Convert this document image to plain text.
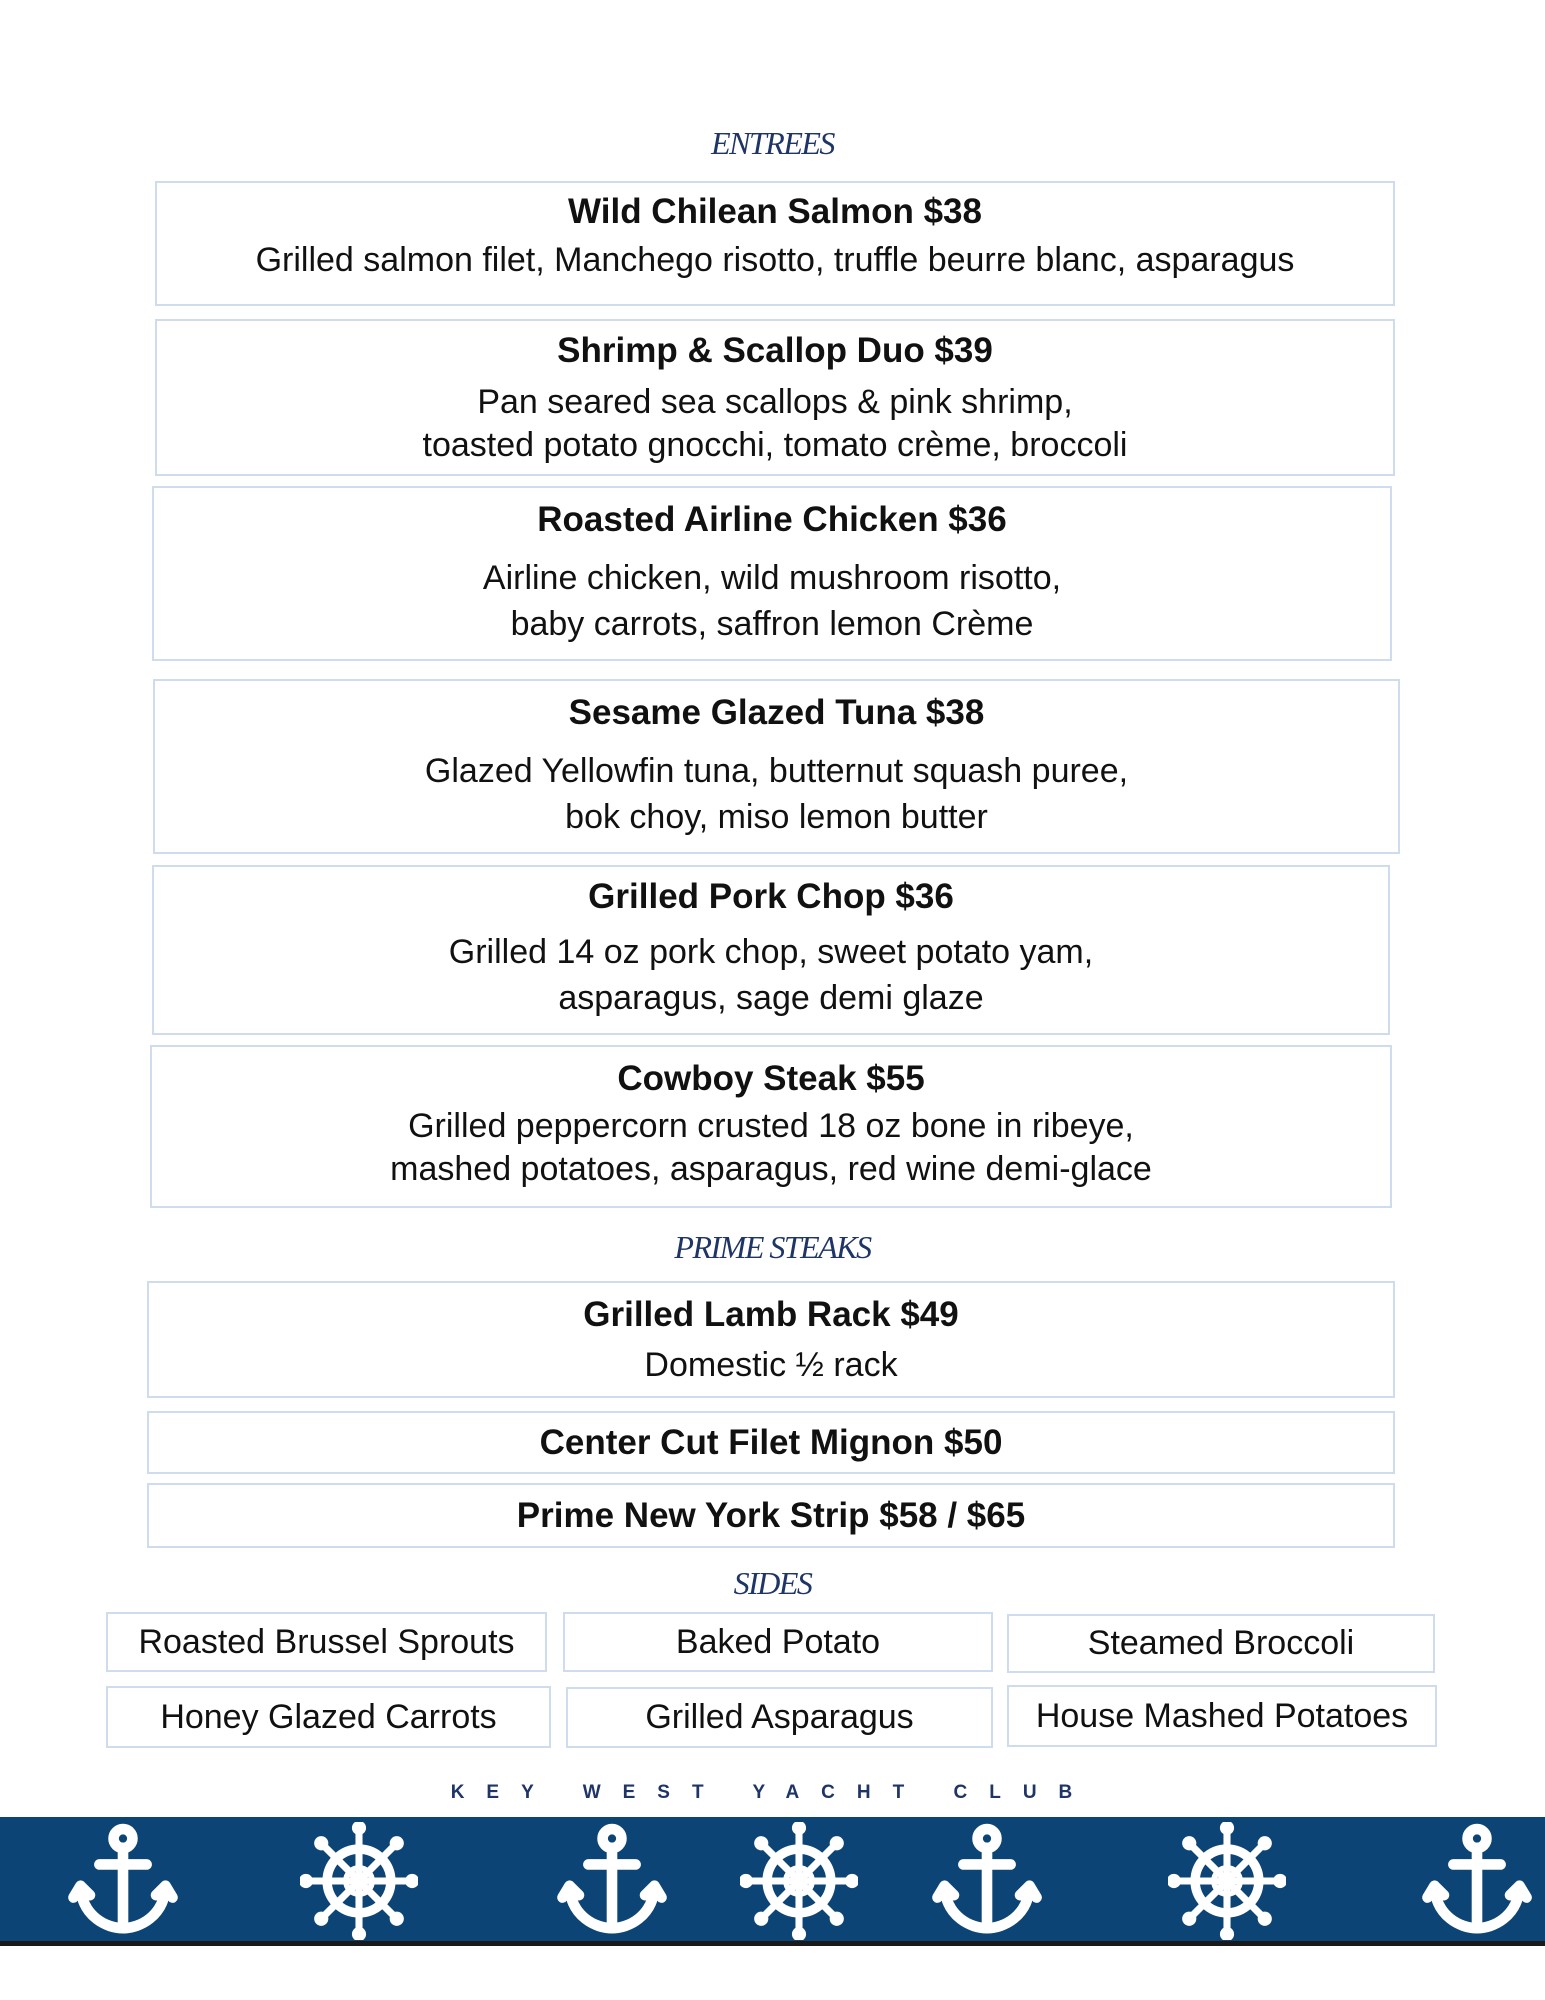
ENTREES
Wild Chilean Salmon $38
Grilled salmon filet, Manchego risotto, truffle beurre blanc, asparagus
Shrimp & Scallop Duo $39
Pan seared sea scallops & pink shrimp,
toasted potato gnocchi, tomato crème, broccoli
Roasted Airline Chicken $36
Airline chicken, wild mushroom risotto,
baby carrots, saffron lemon Crème
Sesame Glazed Tuna $38
Glazed Yellowfin tuna, butternut squash puree,
bok choy, miso lemon butter
Grilled Pork Chop $36
Grilled 14 oz pork chop, sweet potato yam,
asparagus, sage demi glaze
Cowboy Steak $55
Grilled peppercorn crusted 18 oz bone in ribeye,
mashed potatoes, asparagus, red wine demi-glace
PRIME STEAKS
Grilled Lamb Rack $49
Domestic ½ rack
Center Cut Filet Mignon $50
Prime New York Strip $58 / $65
SIDES
Roasted Brussel Sprouts	Baked Potato	Steamed Broccoli
Honey Glazed Carrots	Grilled Asparagus	House Mashed Potatoes
KEY WEST YACHT CLUB
